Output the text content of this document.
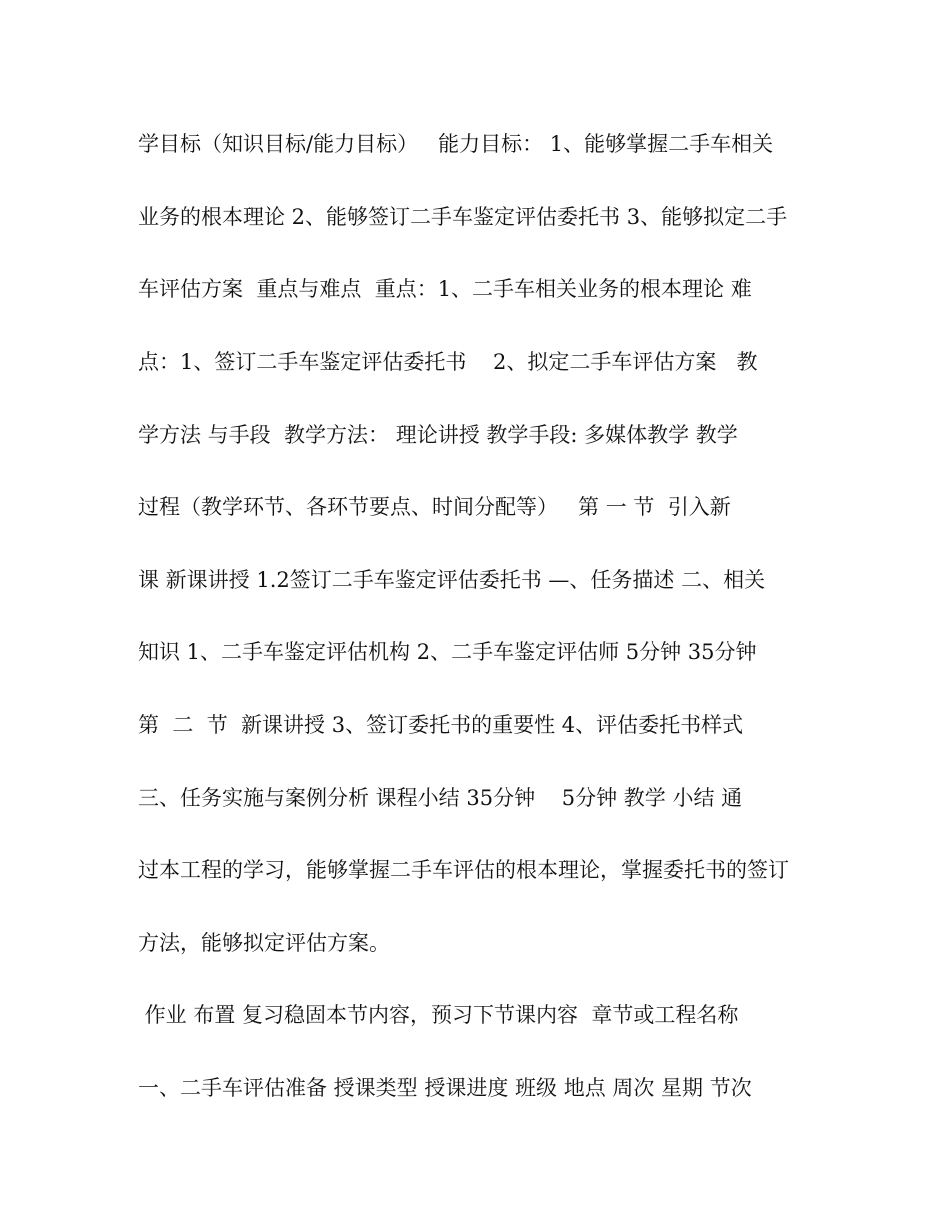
学目标（知识目标/能力目标）   能力目标： 1、能够掌握二手车相关
业务的根本理论 2、能够签订二手车鉴定评估委托书 3、能够拟定二手
车评估方案  重点与难点  重点：1、二手车相关业务的根本理论 难
点：1、签订二手车鉴定评估委托书    2、拟定二手车评估方案   教
学方法 与手段  教学方法： 理论讲授 教学手段: 多媒体教学 教学
过程（教学环节、各环节要点、时间分配等）   第 一 节  引入新
课 新课讲授 1.2签订二手车鉴定评估委托书 —、任务描述 二、相关
知识 1、二手车鉴定评估机构 2、二手车鉴定评估师 5分钟 35分钟
第  二  节  新课讲授 3、签订委托书的重要性 4、评估委托书样式
三、任务实施与案例分析 课程小结 35分钟    5分钟 教学 小结 通
过本工程的学习，能够掌握二手车评估的根本理论，掌握委托书的签订
方法，能够拟定评估方案。
作业 布置 复习稳固本节内容，预习下节课内容  章节或工程名称
一、二手车评估准备 授课类型 授课进度 班级 地点 周次 星期 节次
